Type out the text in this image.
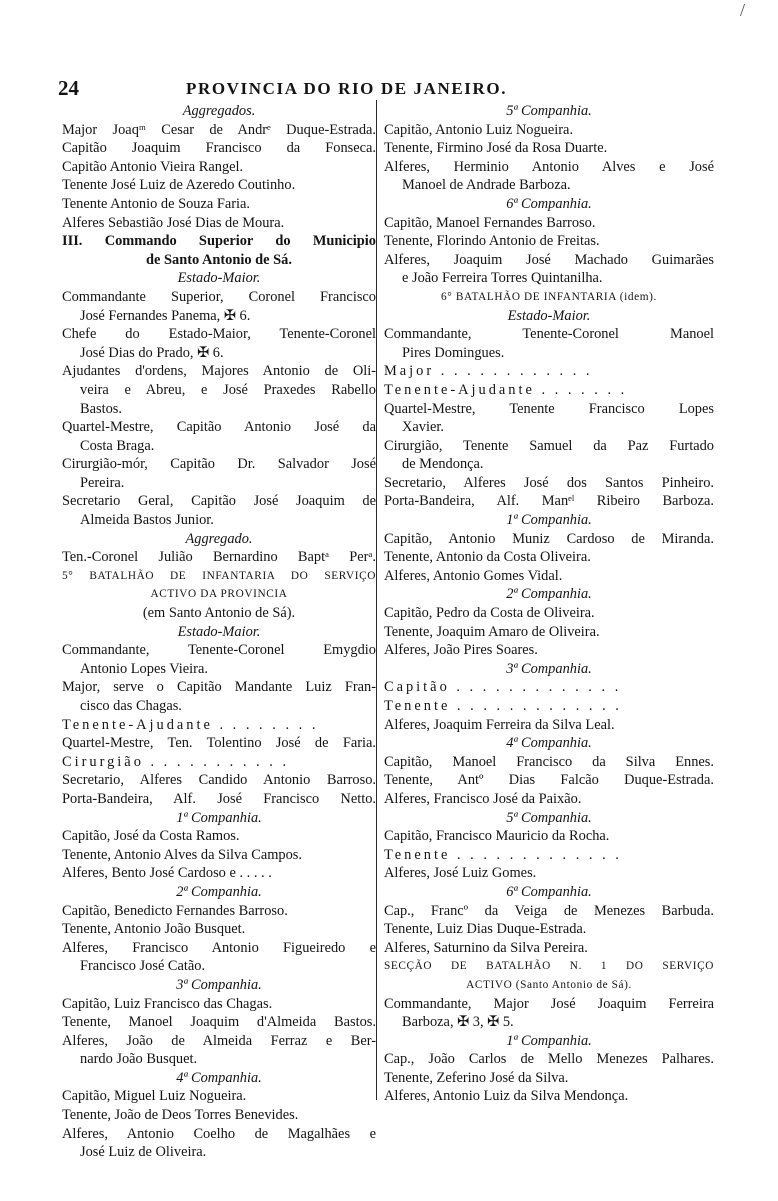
/
24	PROVINCIA DO RIO DE JANEIRO.
Aggregados.
Major Joaqᵐ Cesar de Andrᵉ Duque-Estrada.
Capitão Joaquim Francisco da Fonseca.
Capitão Antonio Vieira Rangel.
Tenente José Luiz de Azeredo Coutinho.
Tenente Antonio de Souza Faria.
Alferes Sebastião José Dias de Moura.
III. Commando Superior do Municipio
de Santo Antonio de Sá.
Estado-Maior.
Commandante Superior, Coronel Francisco
José Fernandes Panema, ✠ 6.
Chefe do Estado-Maior, Tenente-Coronel
José Dias do Prado, ✠ 6.
Ajudantes d'ordens, Majores Antonio de Oli-
veira e Abreu, e José Praxedes Rabello
Bastos.
Quartel-Mestre, Capitão Antonio José da
Costa Braga.
Cirurgião-mór, Capitão Dr. Salvador José
Pereira.
Secretario Geral, Capitão José Joaquim de
Almeida Bastos Junior.
Aggregado.
Ten.-Coronel Julião Bernardino Baptᵃ Perᵃ.
5° BATALHÃO DE INFANTARIA DO SERVIÇO
ACTIVO DA PROVINCIA
(em Santo Antonio de Sá).
Estado-Maior.
Commandante, Tenente-Coronel Emygdio
Antonio Lopes Vieira.
Major, serve o Capitão Mandante Luiz Fran-
cisco das Chagas.
Tenente-Ajudante . . . . . . . .
Quartel-Mestre, Ten. Tolentino José de Faria.
Cirurgião . . . . . . . . . . .
Secretario, Alferes Candido Antonio Barroso.
Porta-Bandeira, Alf. José Francisco Netto.
1ª Companhia.
Capitão, José da Costa Ramos.
Tenente, Antonio Alves da Silva Campos.
Alferes, Bento José Cardoso e . . . . .
2ª Companhia.
Capitão, Benedicto Fernandes Barroso.
Tenente, Antonio João Busquet.
Alferes, Francisco Antonio Figueiredo e
Francisco José Catão.
3ª Companhia.
Capitão, Luiz Francisco das Chagas.
Tenente, Manoel Joaquim d'Almeida Bastos.
Alferes, João de Almeida Ferraz e Ber-
nardo João Busquet.
4ª Companhia.
Capitão, Miguel Luiz Nogueira.
Tenente, João de Deos Torres Benevides.
Alferes, Antonio Coelho de Magalhães e
José Luiz de Oliveira.
5ª Companhia.
Capitão, Antonio Luiz Nogueira.
Tenente, Firmino José da Rosa Duarte.
Alferes, Herminio Antonio Alves e José
Manoel de Andrade Barboza.
6ª Companhia.
Capitão, Manoel Fernandes Barroso.
Tenente, Florindo Antonio de Freitas.
Alferes, Joaquim José Machado Guimarães
e João Ferreira Torres Quintanilha.
6° BATALHÃO DE INFANTARIA (idem).
Estado-Maior.
Commandante, Tenente-Coronel Manoel
Pires Domingues.
Major . . . . . . . . . . . .
Tenente-Ajudante . . . . . . .
Quartel-Mestre, Tenente Francisco Lopes
Xavier.
Cirurgião, Tenente Samuel da Paz Furtado
de Mendonça.
Secretario, Alferes José dos Santos Pinheiro.
Porta-Bandeira, Alf. Manᵉˡ Ribeiro Barboza.
1ª Companhia.
Capitão, Antonio Muniz Cardoso de Miranda.
Tenente, Antonio da Costa Oliveira.
Alferes, Antonio Gomes Vidal.
2ª Companhia.
Capitão, Pedro da Costa de Oliveira.
Tenente, Joaquim Amaro de Oliveira.
Alferes, João Pires Soares.
3ª Companhia.
Capitão . . . . . . . . . . . . .
Tenente . . . . . . . . . . . . .
Alferes, Joaquim Ferreira da Silva Leal.
4ª Companhia.
Capitão, Manoel Francisco da Silva Ennes.
Tenente, Antº Dias Falcão Duque-Estrada.
Alferes, Francisco José da Paixão.
5ª Companhia.
Capitão, Francisco Mauricio da Rocha.
Tenente . . . . . . . . . . . . .
Alferes, José Luiz Gomes.
6ª Companhia.
Cap., Francº da Veiga de Menezes Barbuda.
Tenente, Luiz Dias Duque-Estrada.
Alferes, Saturnino da Silva Pereira.
SECÇÃO DE BATALHÃO N. 1 DO SERVIÇO
ACTIVO (Santo Antonio de Sá).
Commandante, Major José Joaquim Ferreira
Barboza, ✠ 3, ✠ 5.
1ª Companhia.
Cap., João Carlos de Mello Menezes Palhares.
Tenente, Zeferino José da Silva.
Alferes, Antonio Luiz da Silva Mendonça.
